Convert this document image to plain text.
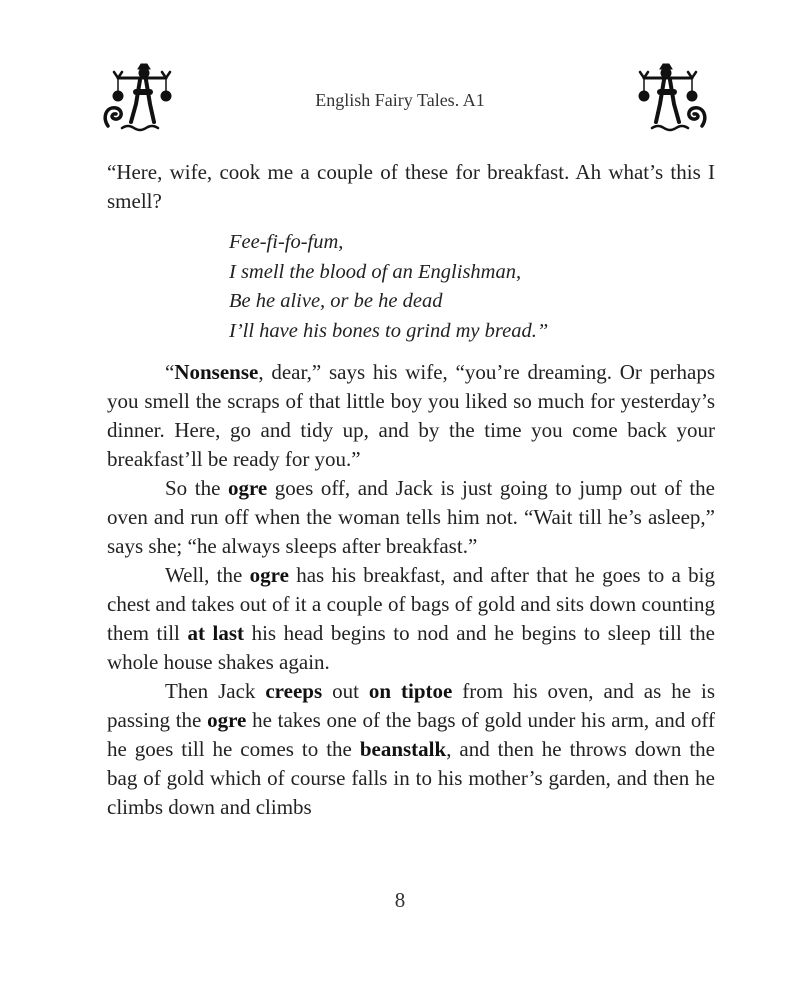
English Fairy Tales. A1

“Here, wife, cook me a couple of these for breakfast. Ah what’s this I smell?

Fee-fi-fo-fum,
I smell the blood of an Englishman,
Be he alive, or be he dead
I’ll have his bones to grind my bread.”

“Nonsense, dear,” says his wife, “you’re dreaming. Or perhaps you smell the scraps of that little boy you liked so much for yesterday’s dinner. Here, go and tidy up, and by the time you come back your breakfast’ll be ready for you.”

So the ogre goes off, and Jack is just going to jump out of the oven and run off when the woman tells him not. “Wait till he’s asleep,” says she; “he always sleeps after breakfast.”

Well, the ogre has his breakfast, and after that he goes to a big chest and takes out of it a couple of bags of gold and sits down counting them till at last his head begins to nod and he begins to sleep till the whole house shakes again.

Then Jack creeps out on tiptoe from his oven, and as he is passing the ogre he takes one of the bags of gold under his arm, and off he goes till he comes to the beanstalk, and then he throws down the bag of gold which of course falls in to his mother’s garden, and then he climbs down and climbs

8
